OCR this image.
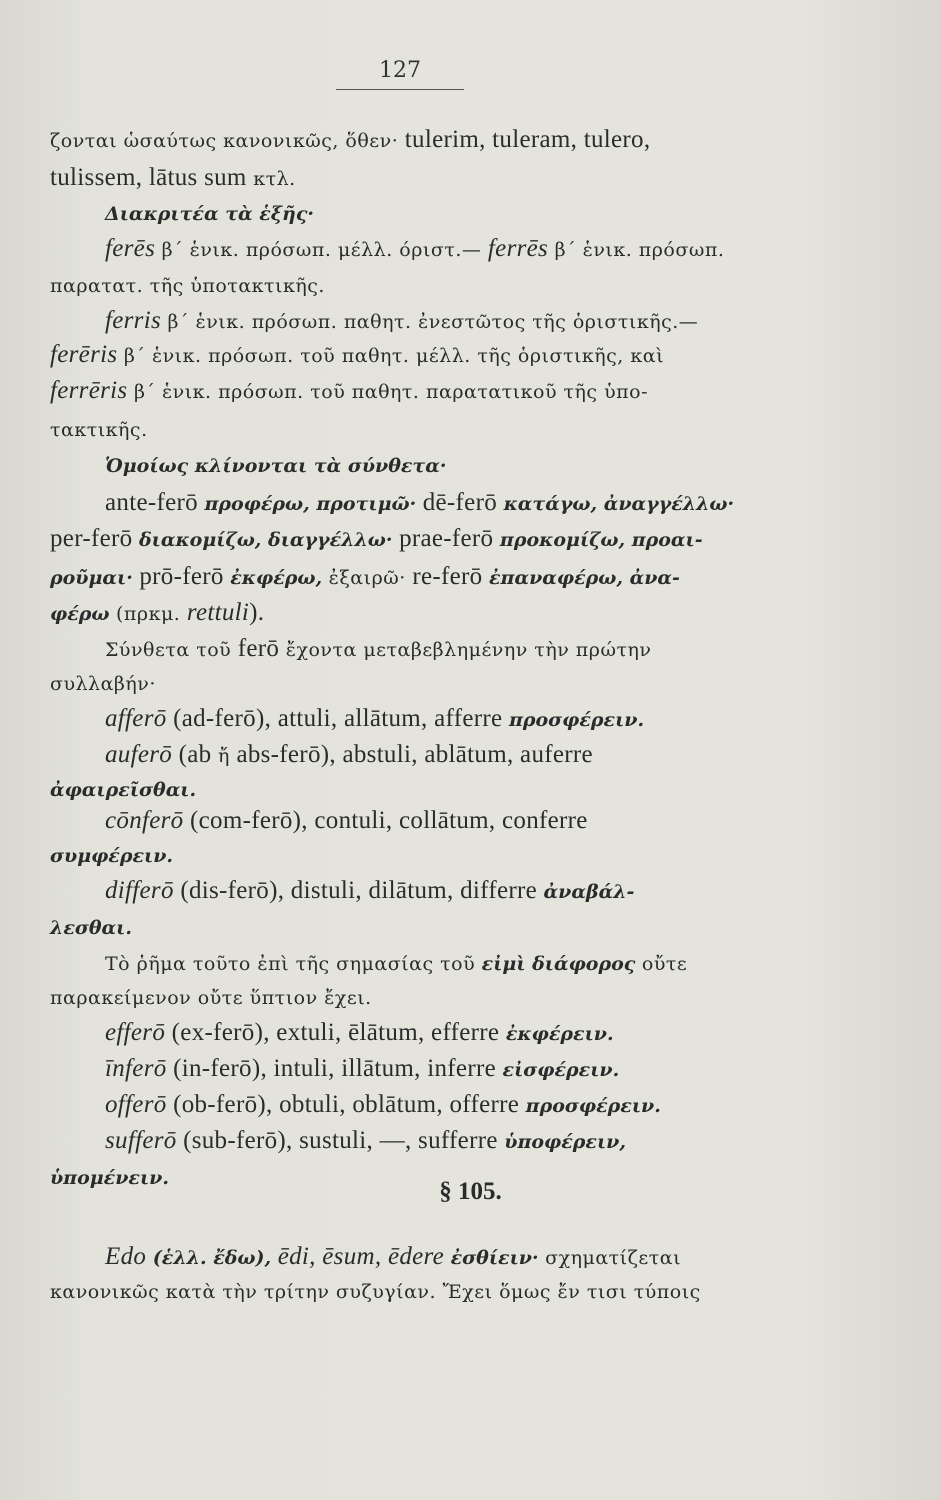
127
ζονται ὡσαύτως κανονικῶς, ὅθεν· tulerim, tuleram, tulero,
tulissem, lātus sum κτλ.
Διακριτέα τὰ ἑξῆς·
ferēs β΄ ἑνικ. πρόσωπ. μέλλ. όριστ.— ferrēs β΄ ἑνικ. πρόσωπ.
παρατατ. τῆς ὑποτακτικῆς.
ferris β΄ ἑνικ. πρόσωπ. παθητ. ἐνεστῶτος τῆς ὁριστικῆς.—
ferēris β΄ ἑνικ. πρόσωπ. τοῦ παθητ. μέλλ. τῆς ὁριστικῆς, καὶ
ferrēris β΄ ἑνικ. πρόσωπ. τοῦ παθητ. παρατατικοῦ τῆς ὑπο-
τακτικῆς.
Ὁμοίως κλίνονται τὰ σύνθετα·
ante-ferō προφέρω, προτιμῶ· dē-ferō κατάγω, ἀναγγέλλω·
per-ferō διακομίζω, διαγγέλλω· prae-ferō προκομίζω, προαι-
ροῦμαι· prō-ferō ἐκφέρω, ἐξαιρῶ· re-ferō ἐπαναφέρω, ἀνα-
φέρω (πρκμ. rettuli).
Σύνθετα τοῦ ferō ἔχοντα μεταβεβλημένην τὴν πρώτην
συλλαβήν·
afferō (ad-ferō), attuli, allātum, afferre προσφέρειν.
auferō (ab ἤ abs-ferō), abstuli, ablātum, auferre
ἀφαιρεῖσθαι.
cōnferō (com-ferō), contuli, collātum, conferre
συμφέρειν.
differō (dis-ferō), distuli, dilātum, differre ἀναβάλ-
λεσθαι.
Τὸ ῥῆμα τοῦτο ἐπὶ τῆς σημασίας τοῦ εἰμὶ διάφορος οὔτε
παρακείμενον οὔτε ὕπτιον ἔχει.
efferō (ex-ferō), extuli, ēlātum, efferre ἐκφέρειν.
īnferō (in-ferō), intuli, illātum, inferre εἰσφέρειν.
offerō (ob-ferō), obtuli, oblātum, offerre προσφέρειν.
sufferō (sub-ferō), sustuli, —, sufferre ὑποφέρειν,
ὑπομένειν.
Edo (ἑλλ. ἔδω), ēdi, ēsum, ēdere ἐσθίειν· σχηματίζεται
κανονικῶς κατὰ τὴν τρίτην συζυγίαν. Ἔχει ὅμως ἔν τισι τύποις
§ 105.
